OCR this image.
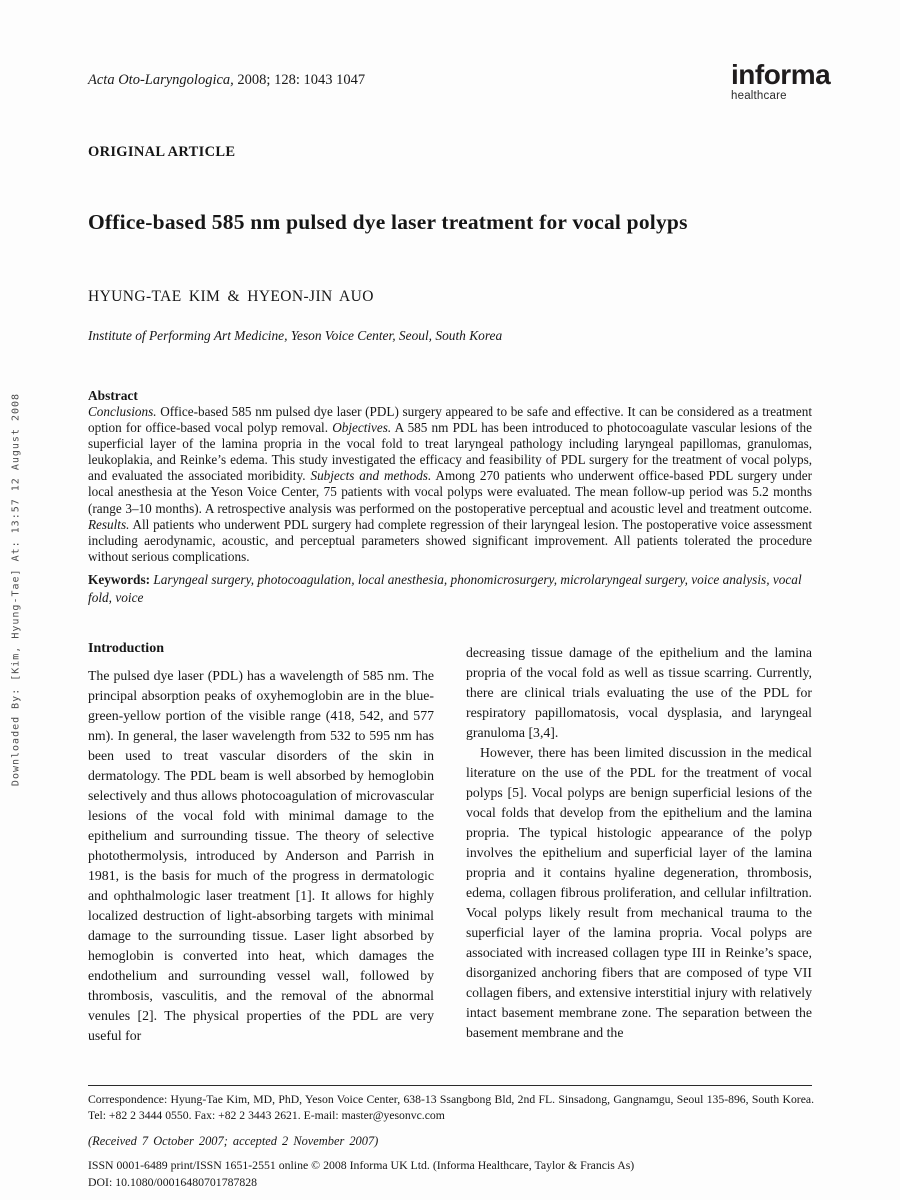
Downloaded By: [Kim, Hyung-Tae] At: 13:57 12 August 2008
Acta Oto-Laryngologica, 2008; 128: 1043 1047	informa
healthcare
ORIGINAL ARTICLE
Office-based 585 nm pulsed dye laser treatment for vocal polyps
HYUNG-TAE KIM & HYEON-JIN AUO
Institute of Performing Art Medicine, Yeson Voice Center, Seoul, South Korea
Abstract
Conclusions. Office-based 585 nm pulsed dye laser (PDL) surgery appeared to be safe and effective. It can be considered as a treatment option for office-based vocal polyp removal. Objectives. A 585 nm PDL has been introduced to photocoagulate vascular lesions of the superficial layer of the lamina propria in the vocal fold to treat laryngeal pathology including laryngeal papillomas, granulomas, leukoplakia, and Reinke’s edema. This study investigated the efficacy and feasibility of PDL surgery for the treatment of vocal polyps, and evaluated the associated moribidity. Subjects and methods. Among 270 patients who underwent office-based PDL surgery under local anesthesia at the Yeson Voice Center, 75 patients with vocal polyps were evaluated. The mean follow-up period was 5.2 months (range 3–10 months). A retrospective analysis was performed on the postoperative perceptual and acoustic level and treatment outcome. Results. All patients who underwent PDL surgery had complete regression of their laryngeal lesion. The postoperative voice assessment including aerodynamic, acoustic, and perceptual parameters showed significant improvement. All patients tolerated the procedure without serious complications.
Keywords: Laryngeal surgery, photocoagulation, local anesthesia, phonomicrosurgery, microlaryngeal surgery, voice analysis, vocal fold, voice
Introduction

The pulsed dye laser (PDL) has a wavelength of 585 nm. The principal absorption peaks of oxyhemoglobin are in the blue-green-yellow portion of the visible range (418, 542, and 577 nm). In general, the laser wavelength from 532 to 595 nm has been used to treat vascular disorders of the skin in dermatology. The PDL beam is well absorbed by hemoglobin selectively and thus allows photocoagulation of microvascular lesions of the vocal fold with minimal damage to the epithelium and surrounding tissue. The theory of selective photothermolysis, introduced by Anderson and Parrish in 1981, is the basis for much of the progress in dermatologic and ophthalmologic laser treatment [1]. It allows for highly localized destruction of light-absorbing targets with minimal damage to the surrounding tissue. Laser light absorbed by hemoglobin is converted into heat, which damages the endothelium and surrounding vessel wall, followed by thrombosis, vasculitis, and the removal of the abnormal venules [2]. The physical properties of the PDL are very useful for

decreasing tissue damage of the epithelium and the lamina propria of the vocal fold as well as tissue scarring. Currently, there are clinical trials evaluating the use of the PDL for respiratory papillomatosis, vocal dysplasia, and laryngeal granuloma [3,4].

However, there has been limited discussion in the medical literature on the use of the PDL for the treatment of vocal polyps [5]. Vocal polyps are benign superficial lesions of the vocal folds that develop from the epithelium and the lamina propria. The typical histologic appearance of the polyp involves the epithelium and superficial layer of the lamina propria and it contains hyaline degeneration, thrombosis, edema, collagen fibrous proliferation, and cellular infiltration. Vocal polyps likely result from mechanical trauma to the superficial layer of the lamina propria. Vocal polyps are associated with increased collagen type III in Reinke’s space, disorganized anchoring fibers that are composed of type VII collagen fibers, and extensive interstitial injury with relatively intact basement membrane zone. The separation between the basement membrane and the

Correspondence: Hyung-Tae Kim, MD, PhD, Yeson Voice Center, 638-13 Ssangbong Bld, 2nd FL. Sinsadong, Gangnamgu, Seoul 135-896, South Korea. Tel: +82 2 3444 0550. Fax: +82 2 3443 2621. E-mail: master@yesonvc.com
(Received 7 October 2007; accepted 2 November 2007)
ISSN 0001-6489 print/ISSN 1651-2551 online © 2008 Informa UK Ltd. (Informa Healthcare, Taylor & Francis As)
DOI: 10.1080/00016480701787828
